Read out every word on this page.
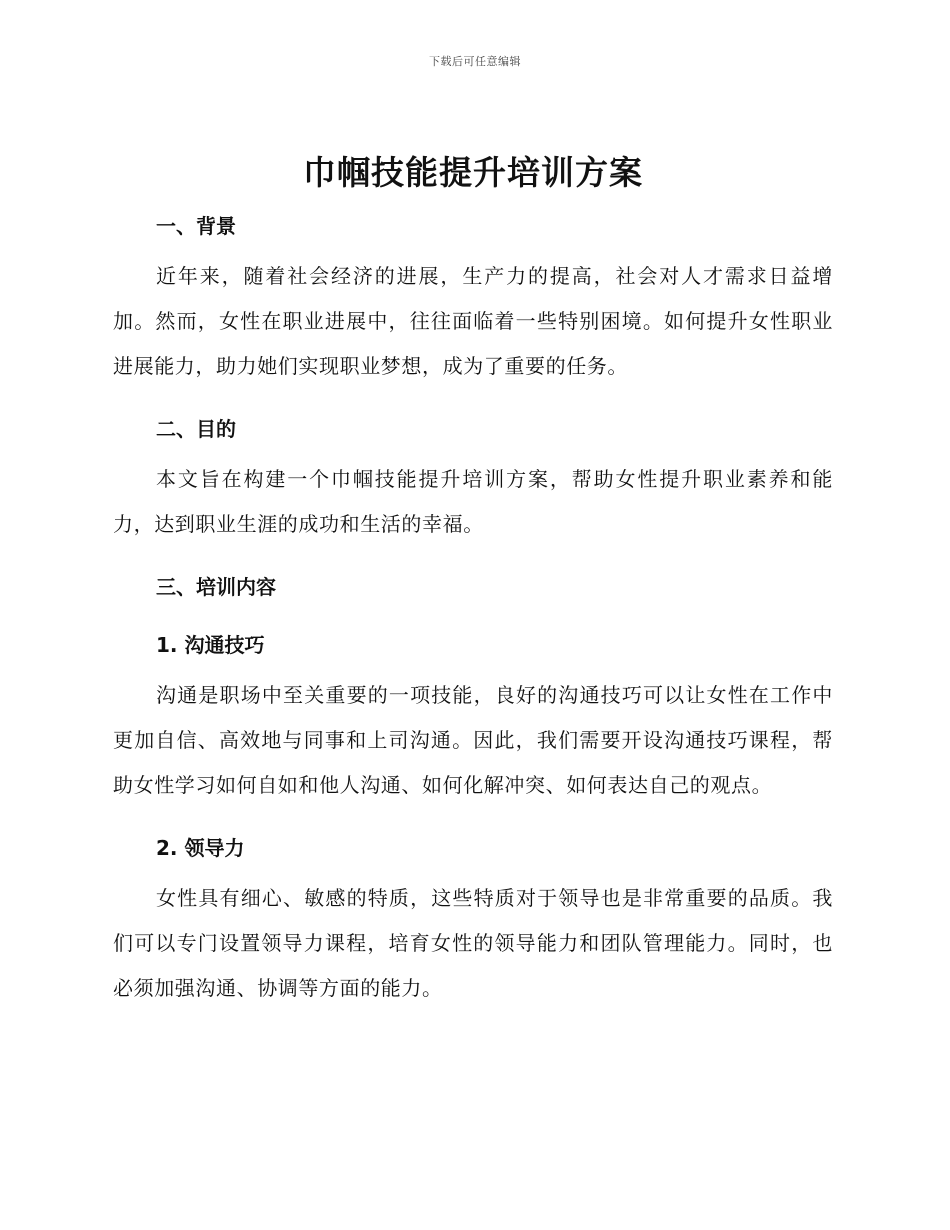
下载后可任意编辑
巾帼技能提升培训方案
一、背景

近年来，随着社会经济的进展，生产力的提高，社会对人才需求日益增加。然而，女性在职业进展中，往往面临着一些特别困境。如何提升女性职业进展能力，助力她们实现职业梦想，成为了重要的任务。

二、目的

本文旨在构建一个巾帼技能提升培训方案，帮助女性提升职业素养和能力，达到职业生涯的成功和生活的幸福。

三、培训内容
1. 沟通技巧

沟通是职场中至关重要的一项技能，良好的沟通技巧可以让女性在工作中更加自信、高效地与同事和上司沟通。因此，我们需要开设沟通技巧课程，帮助女性学习如何自如和他人沟通、如何化解冲突、如何表达自己的观点。

2. 领导力

女性具有细心、敏感的特质，这些特质对于领导也是非常重要的品质。我们可以专门设置领导力课程，培育女性的领导能力和团队管理能力。同时，也必须加强沟通、协调等方面的能力。
